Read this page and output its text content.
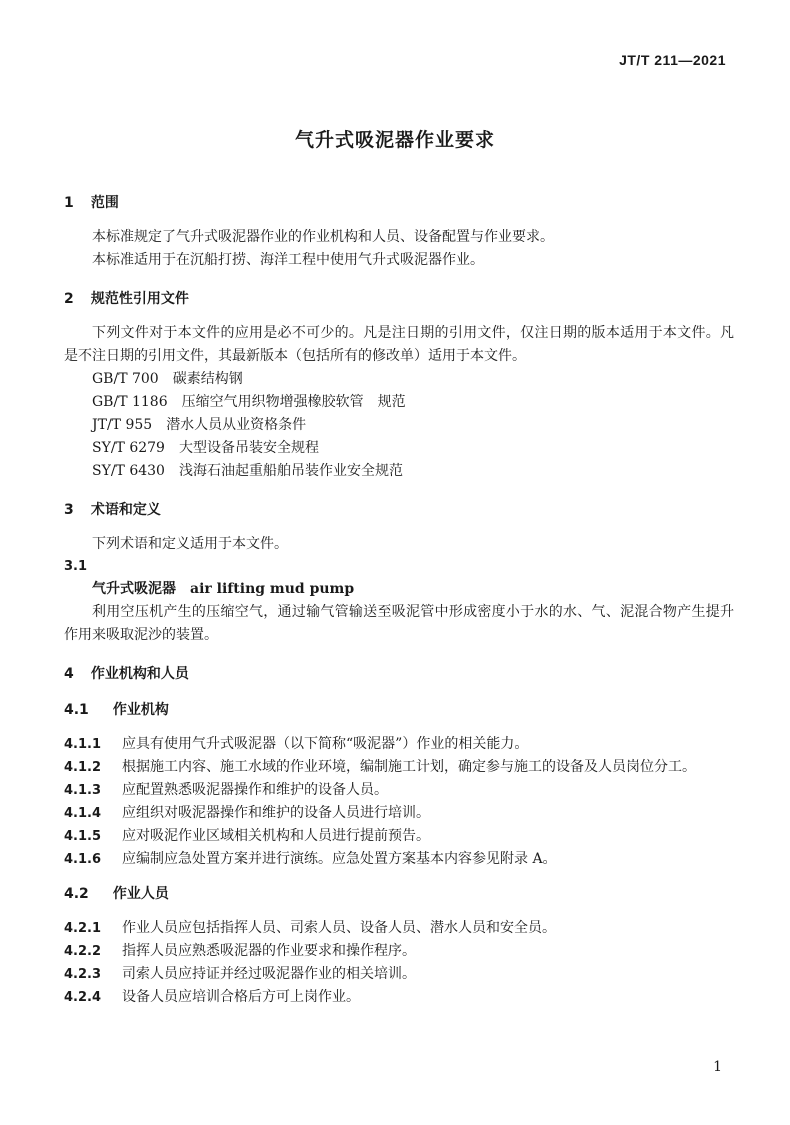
JT/T 211—2021
气升式吸泥器作业要求
1 范围

本标准规定了气升式吸泥器作业的作业机构和人员、设备配置与作业要求。

本标准适用于在沉船打捞、海洋工程中使用气升式吸泥器作业。

2 规范性引用文件

下列文件对于本文件的应用是必不可少的。凡是注日期的引用文件，仅注日期的版本适用于本文件。凡是不注日期的引用文件，其最新版本（包括所有的修改单）适用于本文件。

GB/T 700 碳素结构钢
GB/T 1186 压缩空气用织物增强橡胶软管　规范
JT/T 955 潜水人员从业资格条件
SY/T 6279 大型设备吊装安全规程
SY/T 6430 浅海石油起重船舶吊装作业安全规范
3 术语和定义

下列术语和定义适用于本文件。

3.1
气升式吸泥器 air lifting mud pump

利用空压机产生的压缩空气，通过输气管输送至吸泥管中形成密度小于水的水、气、泥混合物产生提升作用来吸取泥沙的装置。

4 作业机构和人员
4.1 作业机构
4.1.1 应具有使用气升式吸泥器（以下简称“吸泥器”）作业的相关能力。
4.1.2 根据施工内容、施工水域的作业环境，编制施工计划，确定参与施工的设备及人员岗位分工。
4.1.3 应配置熟悉吸泥器操作和维护的设备人员。
4.1.4 应组织对吸泥器操作和维护的设备人员进行培训。
4.1.5 应对吸泥作业区域相关机构和人员进行提前预告。
4.1.6 应编制应急处置方案并进行演练。应急处置方案基本内容参见附录 A。
4.2 作业人员
4.2.1 作业人员应包括指挥人员、司索人员、设备人员、潜水人员和安全员。
4.2.2 指挥人员应熟悉吸泥器的作业要求和操作程序。
4.2.3 司索人员应持证并经过吸泥器作业的相关培训。
4.2.4 设备人员应培训合格后方可上岗作业。
1
